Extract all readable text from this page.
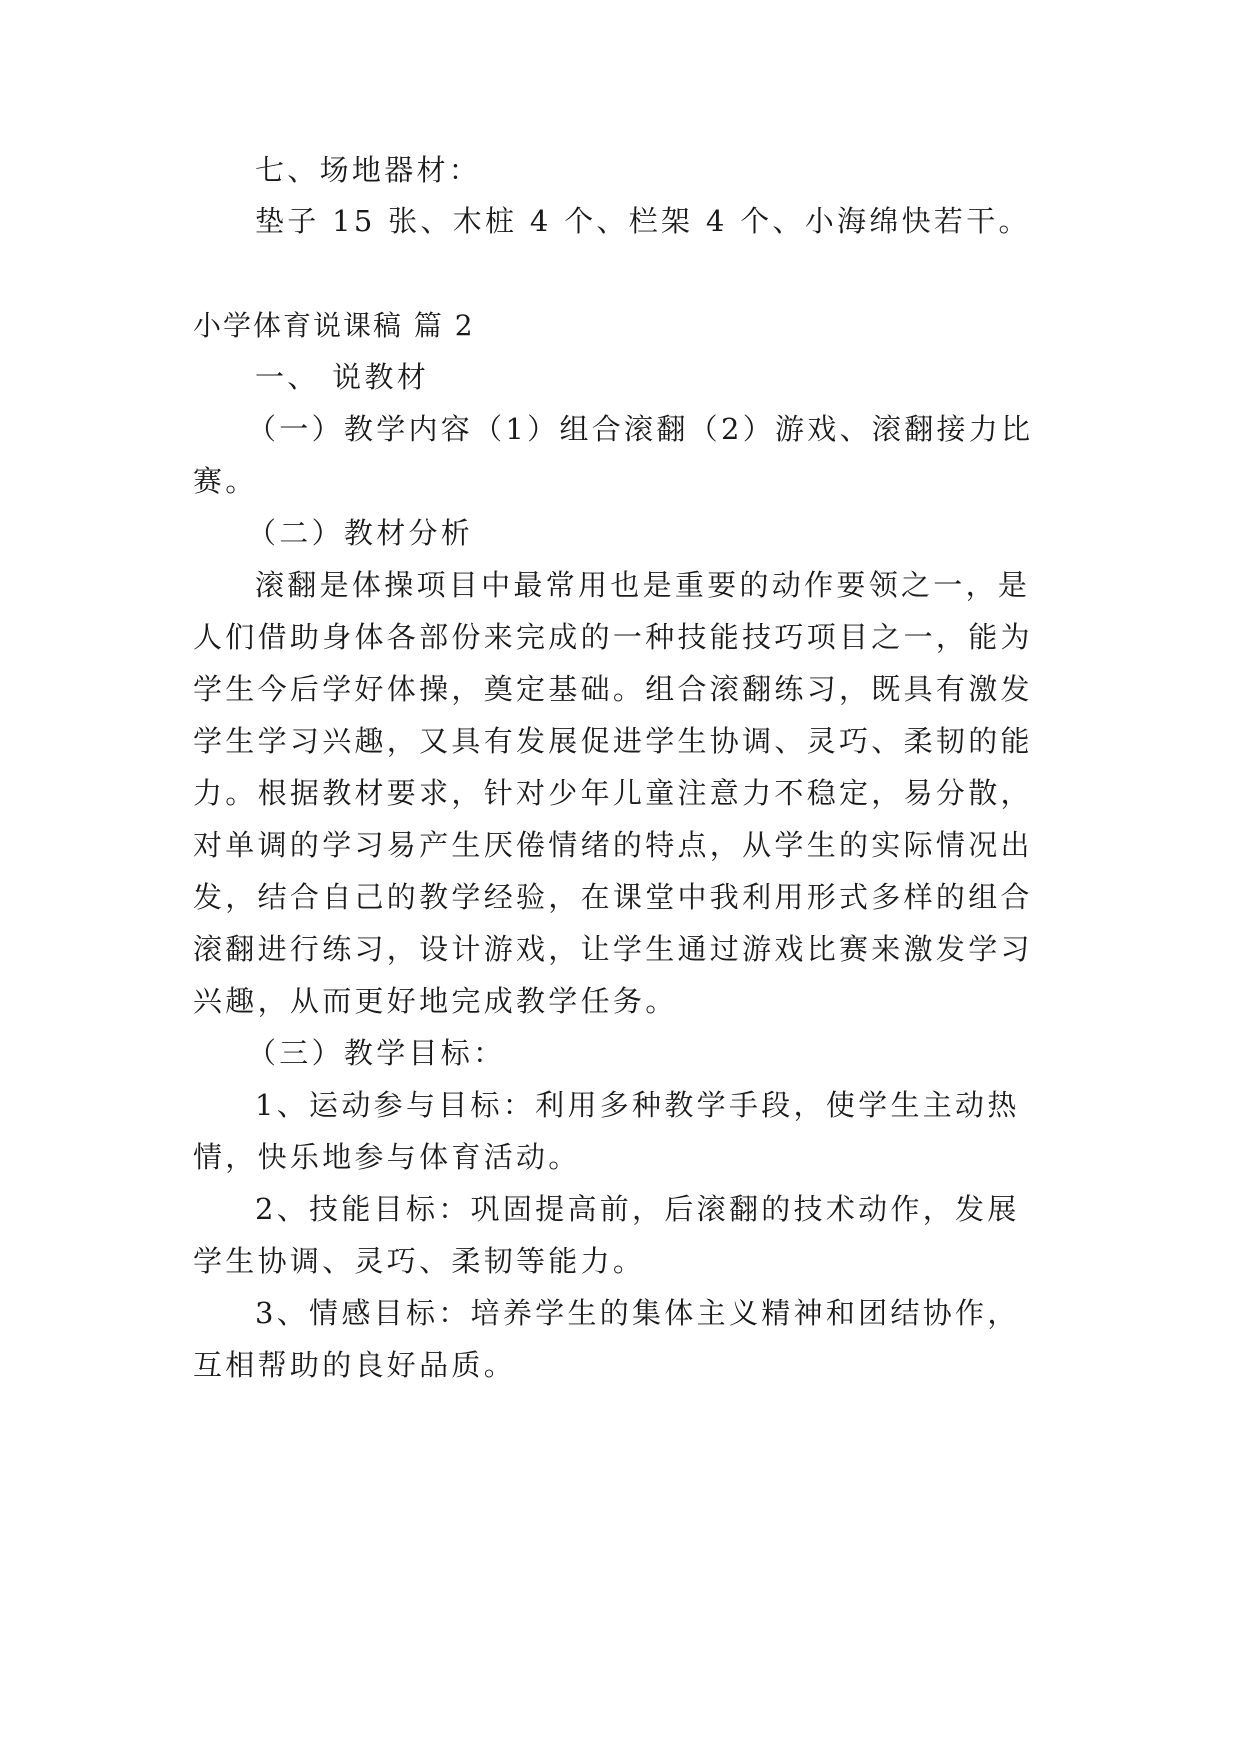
七、场地器材：
垫子 15 张、木桩 4 个、栏架 4 个、小海绵快若干。
小学体育说课稿 篇 2
一、 说教材
（一）教学内容（1）组合滚翻（2）游戏、滚翻接力比
赛。
（二）教材分析
滚翻是体操项目中最常用也是重要的动作要领之一，是
人们借助身体各部份来完成的一种技能技巧项目之一，能为
学生今后学好体操，奠定基础。组合滚翻练习，既具有激发
学生学习兴趣，又具有发展促进学生协调、灵巧、柔韧的能
力。根据教材要求，针对少年儿童注意力不稳定，易分散，
对单调的学习易产生厌倦情绪的特点，从学生的实际情况出
发，结合自己的教学经验，在课堂中我利用形式多样的组合
滚翻进行练习，设计游戏，让学生通过游戏比赛来激发学习
兴趣，从而更好地完成教学任务。
（三）教学目标：
1、运动参与目标：利用多种教学手段，使学生主动热
情，快乐地参与体育活动。
2、技能目标：巩固提高前，后滚翻的技术动作，发展
学生协调、灵巧、柔韧等能力。
3、情感目标：培养学生的集体主义精神和团结协作，
互相帮助的良好品质。
